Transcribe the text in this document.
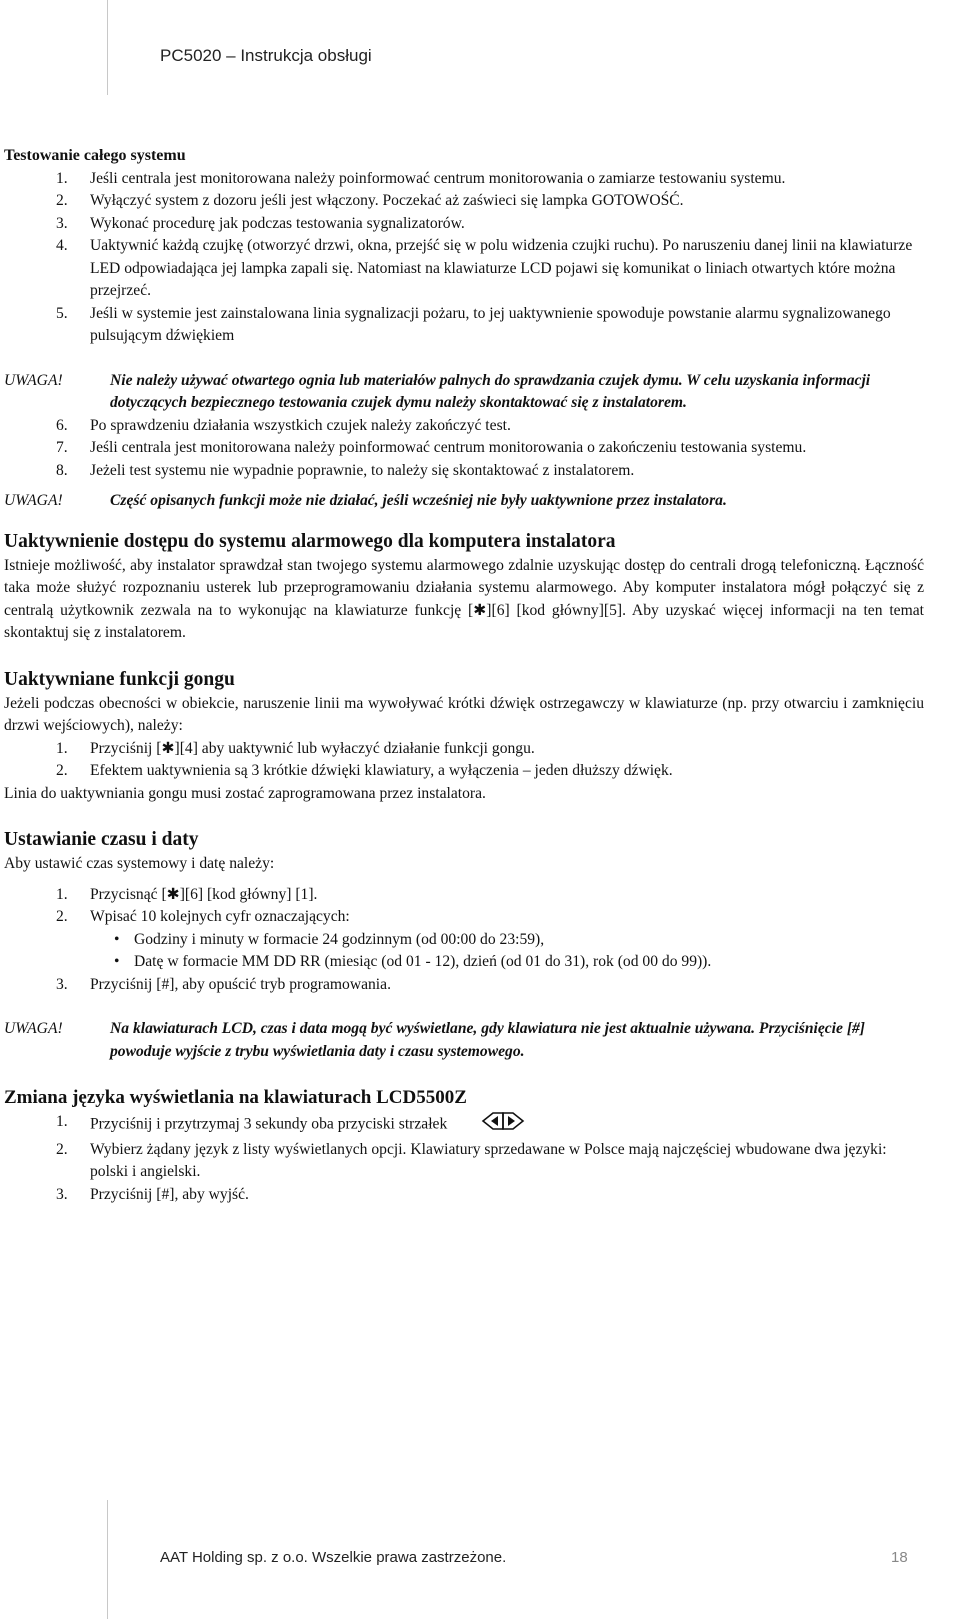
PC5020 – Instrukcja obsługi

Testowanie całego systemu

1. Jeśli centrala jest monitorowana należy poinformować centrum monitorowania o zamiarze testowaniu systemu.
2. Wyłączyć system z dozoru jeśli jest włączony. Poczekać aż zaświeci się lampka GOTOWOŚĆ.
3. Wykonać procedurę jak podczas testowania sygnalizatorów.
4. Uaktywnić każdą czujkę (otworzyć drzwi, okna, przejść się w polu widzenia czujki ruchu). Po naruszeniu danej linii na klawiaturze LED odpowiadająca jej lampka zapali się. Natomiast na klawiaturze LCD pojawi się komunikat o liniach otwartych które można przejrzeć.
5. Jeśli w systemie jest zainstalowana linia sygnalizacji pożaru, to jej uaktywnienie spowoduje powstanie alarmu sygnalizowanego pulsującym dźwiękiem

UWAGA!	Nie należy używać otwartego ognia lub materiałów palnych do sprawdzania czujek dymu. W celu uzyskania informacji dotyczących bezpiecznego testowania czujek dymu należy skontaktować się z instalatorem.

6. Po sprawdzeniu działania wszystkich czujek należy zakończyć test.
7. Jeśli centrala jest monitorowana należy poinformować centrum monitorowania o zakończeniu testowania systemu.
8. Jeżeli test systemu nie wypadnie poprawnie, to należy się skontaktować z instalatorem.

UWAGA!	Część opisanych funkcji może nie działać, jeśli wcześniej nie były uaktywnione przez instalatora.

Uaktywnienie dostępu do systemu alarmowego dla komputera instalatora

Istnieje możliwość, aby instalator sprawdzał stan twojego systemu alarmowego zdalnie uzyskując dostęp do centrali drogą telefoniczną. Łączność taka może służyć rozpoznaniu usterek lub przeprogramowaniu działania systemu alarmowego. Aby komputer instalatora mógł połączyć się z centralą użytkownik zezwala na to wykonując na klawiaturze funkcję [✱][6] [kod główny][5]. Aby uzyskać więcej informacji na ten temat skontaktuj się z instalatorem.

Uaktywniane funkcji gongu

Jeżeli podczas obecności w obiekcie, naruszenie linii ma wywoływać krótki dźwięk ostrzegawczy w klawiaturze (np. przy otwarciu i zamknięciu drzwi wejściowych), należy:

1. Przyciśnij [✱][4] aby uaktywnić lub wyłaczyć działanie funkcji gongu.
2. Efektem uaktywnienia są 3 krótkie dźwięki klawiatury, a wyłączenia – jeden dłuższy dźwięk.

Linia do uaktywniania gongu musi zostać zaprogramowana przez instalatora.

Ustawianie czasu i daty

Aby ustawić czas systemowy i datę należy:

1. Przycisnąć [✱][6] [kod główny] [1].
2. Wpisać 10 kolejnych cyfr oznaczających:
• Godziny i minuty w formacie 24 godzinnym (od 00:00 do 23:59),
• Datę w formacie MM DD RR (miesiąc (od 01 - 12), dzień (od 01 do 31), rok (od 00 do 99)).
3. Przyciśnij [#], aby opuścić tryb programowania.

UWAGA!	Na klawiaturach LCD, czas i data mogą być wyświetlane, gdy klawiatura nie jest aktualnie używana. Przyciśnięcie [#] powoduje wyjście z trybu wyświetlania daty i czasu systemowego.

Zmiana języka wyświetlania na klawiaturach LCD5500Z

1. Przyciśnij i przytrzymaj 3 sekundy oba przyciski strzałek
2. Wybierz żądany język z listy wyświetlanych opcji. Klawiatury sprzedawane w Polsce mają najczęściej wbudowane dwa języki: polski i angielski.
3. Przyciśnij [#], aby wyjść.
AAT Holding sp. z o.o. Wszelkie prawa zastrzeżone.	18
